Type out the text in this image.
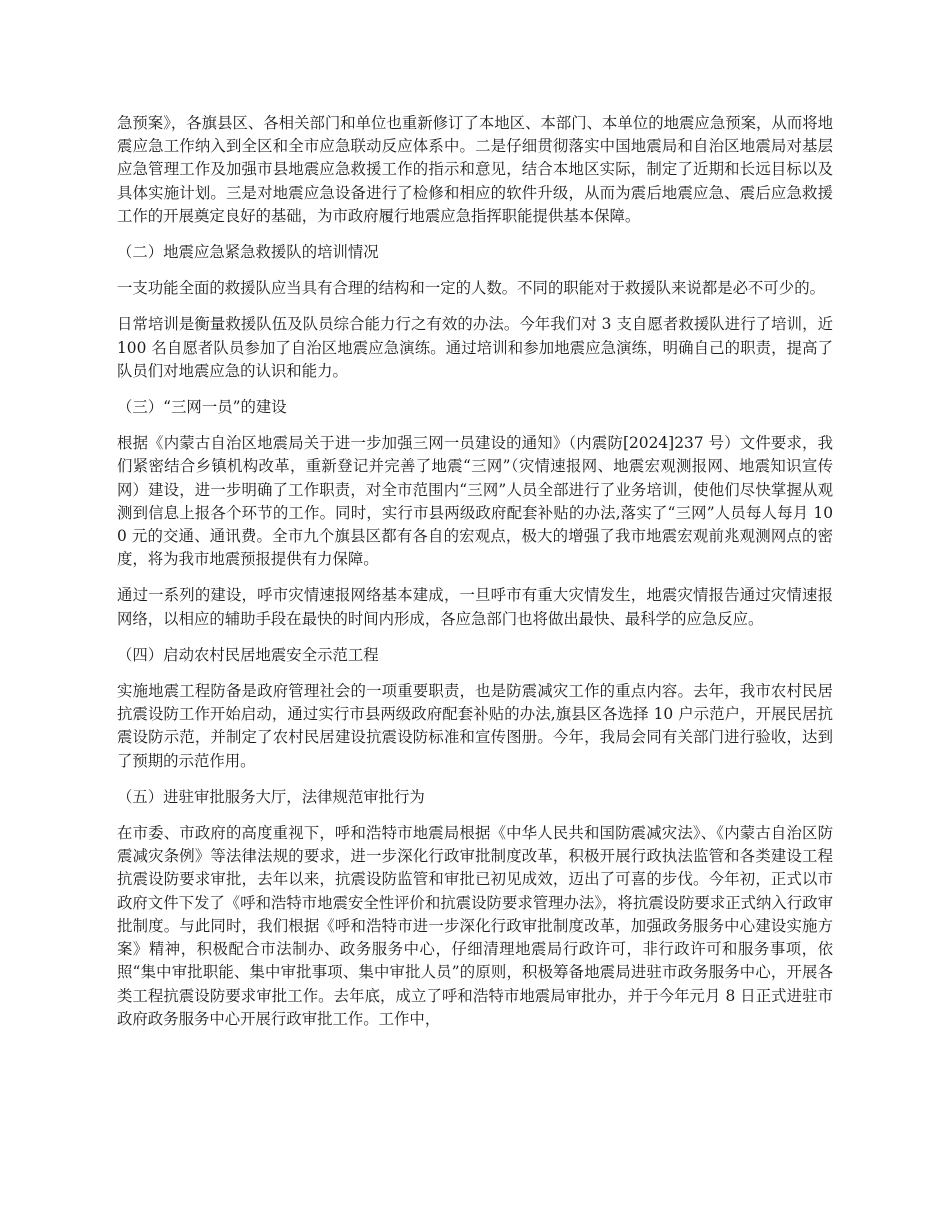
急预案》，各旗县区、各相关部门和单位也重新修订了本地区、本部门、本单位的地震应急预案，从而将地震应急工作纳入到全区和全市应急联动反应体系中。二是仔细贯彻落实中国地震局和自治区地震局对基层应急管理工作及加强市县地震应急救援工作的指示和意见，结合本地区实际，制定了近期和长远目标以及具体实施计划。三是对地震应急设备进行了检修和相应的软件升级，从而为震后地震应急、震后应急救援工作的开展奠定良好的基础，为市政府履行地震应急指挥职能提供基本保障。

（二）地震应急紧急救援队的培训情况

一支功能全面的救援队应当具有合理的结构和一定的人数。不同的职能对于救援队来说都是必不可少的。

日常培训是衡量救援队伍及队员综合能力行之有效的办法。今年我们对 3 支自愿者救援队进行了培训，近 100 名自愿者队员参加了自治区地震应急演练。通过培训和参加地震应急演练，明确自己的职责，提高了队员们对地震应急的认识和能力。

（三）“三网一员”的建设

根据《内蒙古自治区地震局关于进一步加强三网一员建设的通知》（内震防[2024]237 号）文件要求，我们紧密结合乡镇机构改革，重新登记并完善了地震“三网”（灾情速报网、地震宏观测报网、地震知识宣传网）建设，进一步明确了工作职责，对全市范围内“三网”人员全部进行了业务培训，使他们尽快掌握从观测到信息上报各个环节的工作。同时，实行市县两级政府配套补贴的办法,落实了“三网”人员每人每月 100 元的交通、通讯费。全市九个旗县区都有各自的宏观点，极大的增强了我市地震宏观前兆观测网点的密度，将为我市地震预报提供有力保障。

通过一系列的建设，呼市灾情速报网络基本建成，一旦呼市有重大灾情发生，地震灾情报告通过灾情速报网络，以相应的辅助手段在最快的时间内形成，各应急部门也将做出最快、最科学的应急反应。

（四）启动农村民居地震安全示范工程

实施地震工程防备是政府管理社会的一项重要职责，也是防震减灾工作的重点内容。去年，我市农村民居抗震设防工作开始启动，通过实行市县两级政府配套补贴的办法,旗县区各选择 10 户示范户，开展民居抗震设防示范，并制定了农村民居建设抗震设防标准和宣传图册。今年，我局会同有关部门进行验收，达到了预期的示范作用。

（五）进驻审批服务大厅，法律规范审批行为

在市委、市政府的高度重视下，呼和浩特市地震局根据《中华人民共和国防震减灾法》、《内蒙古自治区防震减灾条例》等法律法规的要求，进一步深化行政审批制度改革，积极开展行政执法监管和各类建设工程抗震设防要求审批，去年以来，抗震设防监管和审批已初见成效，迈出了可喜的步伐。今年初，正式以市政府文件下发了《呼和浩特市地震安全性评价和抗震设防要求管理办法》，将抗震设防要求正式纳入行政审批制度。与此同时，我们根据《呼和浩特市进一步深化行政审批制度改革，加强政务服务中心建设实施方案》精神，积极配合市法制办、政务服务中心，仔细清理地震局行政许可，非行政许可和服务事项，依照“集中审批职能、集中审批事项、集中审批人员”的原则，积极筹备地震局进驻市政务服务中心，开展各类工程抗震设防要求审批工作。去年底，成立了呼和浩特市地震局审批办，并于今年元月 8 日正式进驻市政府政务服务中心开展行政审批工作。工作中，
